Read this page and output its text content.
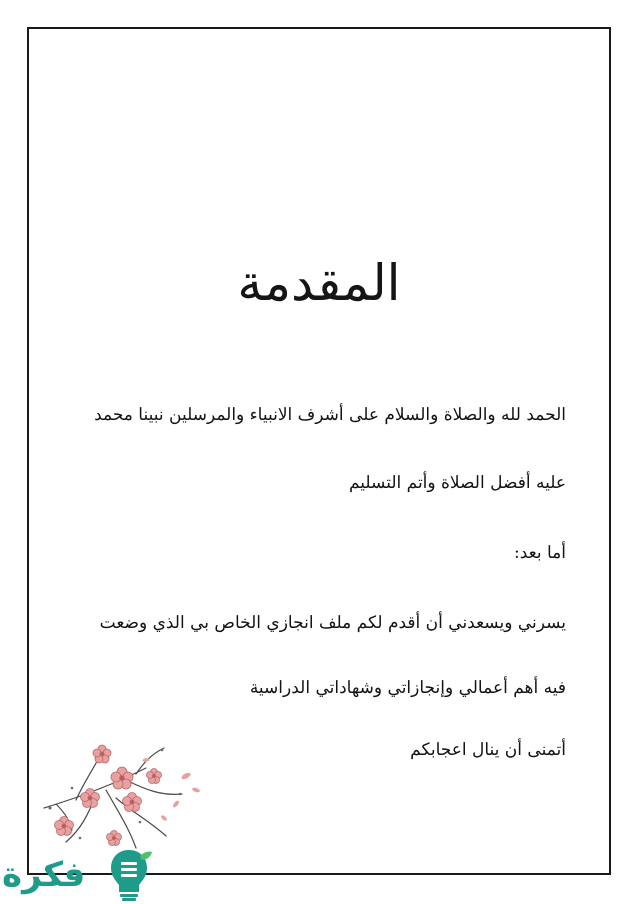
المقدمة
الحمد لله والصلاة والسلام على أشرف الانبياء والمرسلين نبينا محمد
عليه أفضل الصلاة وأتم التسليم
أما بعد:
يسرني ويسعدني أن أقدم لكم ملف انجازي الخاص بي الذي وضعت
فيه أهم أعمالي وإنجازاتي وشهاداتي الدراسية
أتمنى أن ينال اعجابكم
فكرة
